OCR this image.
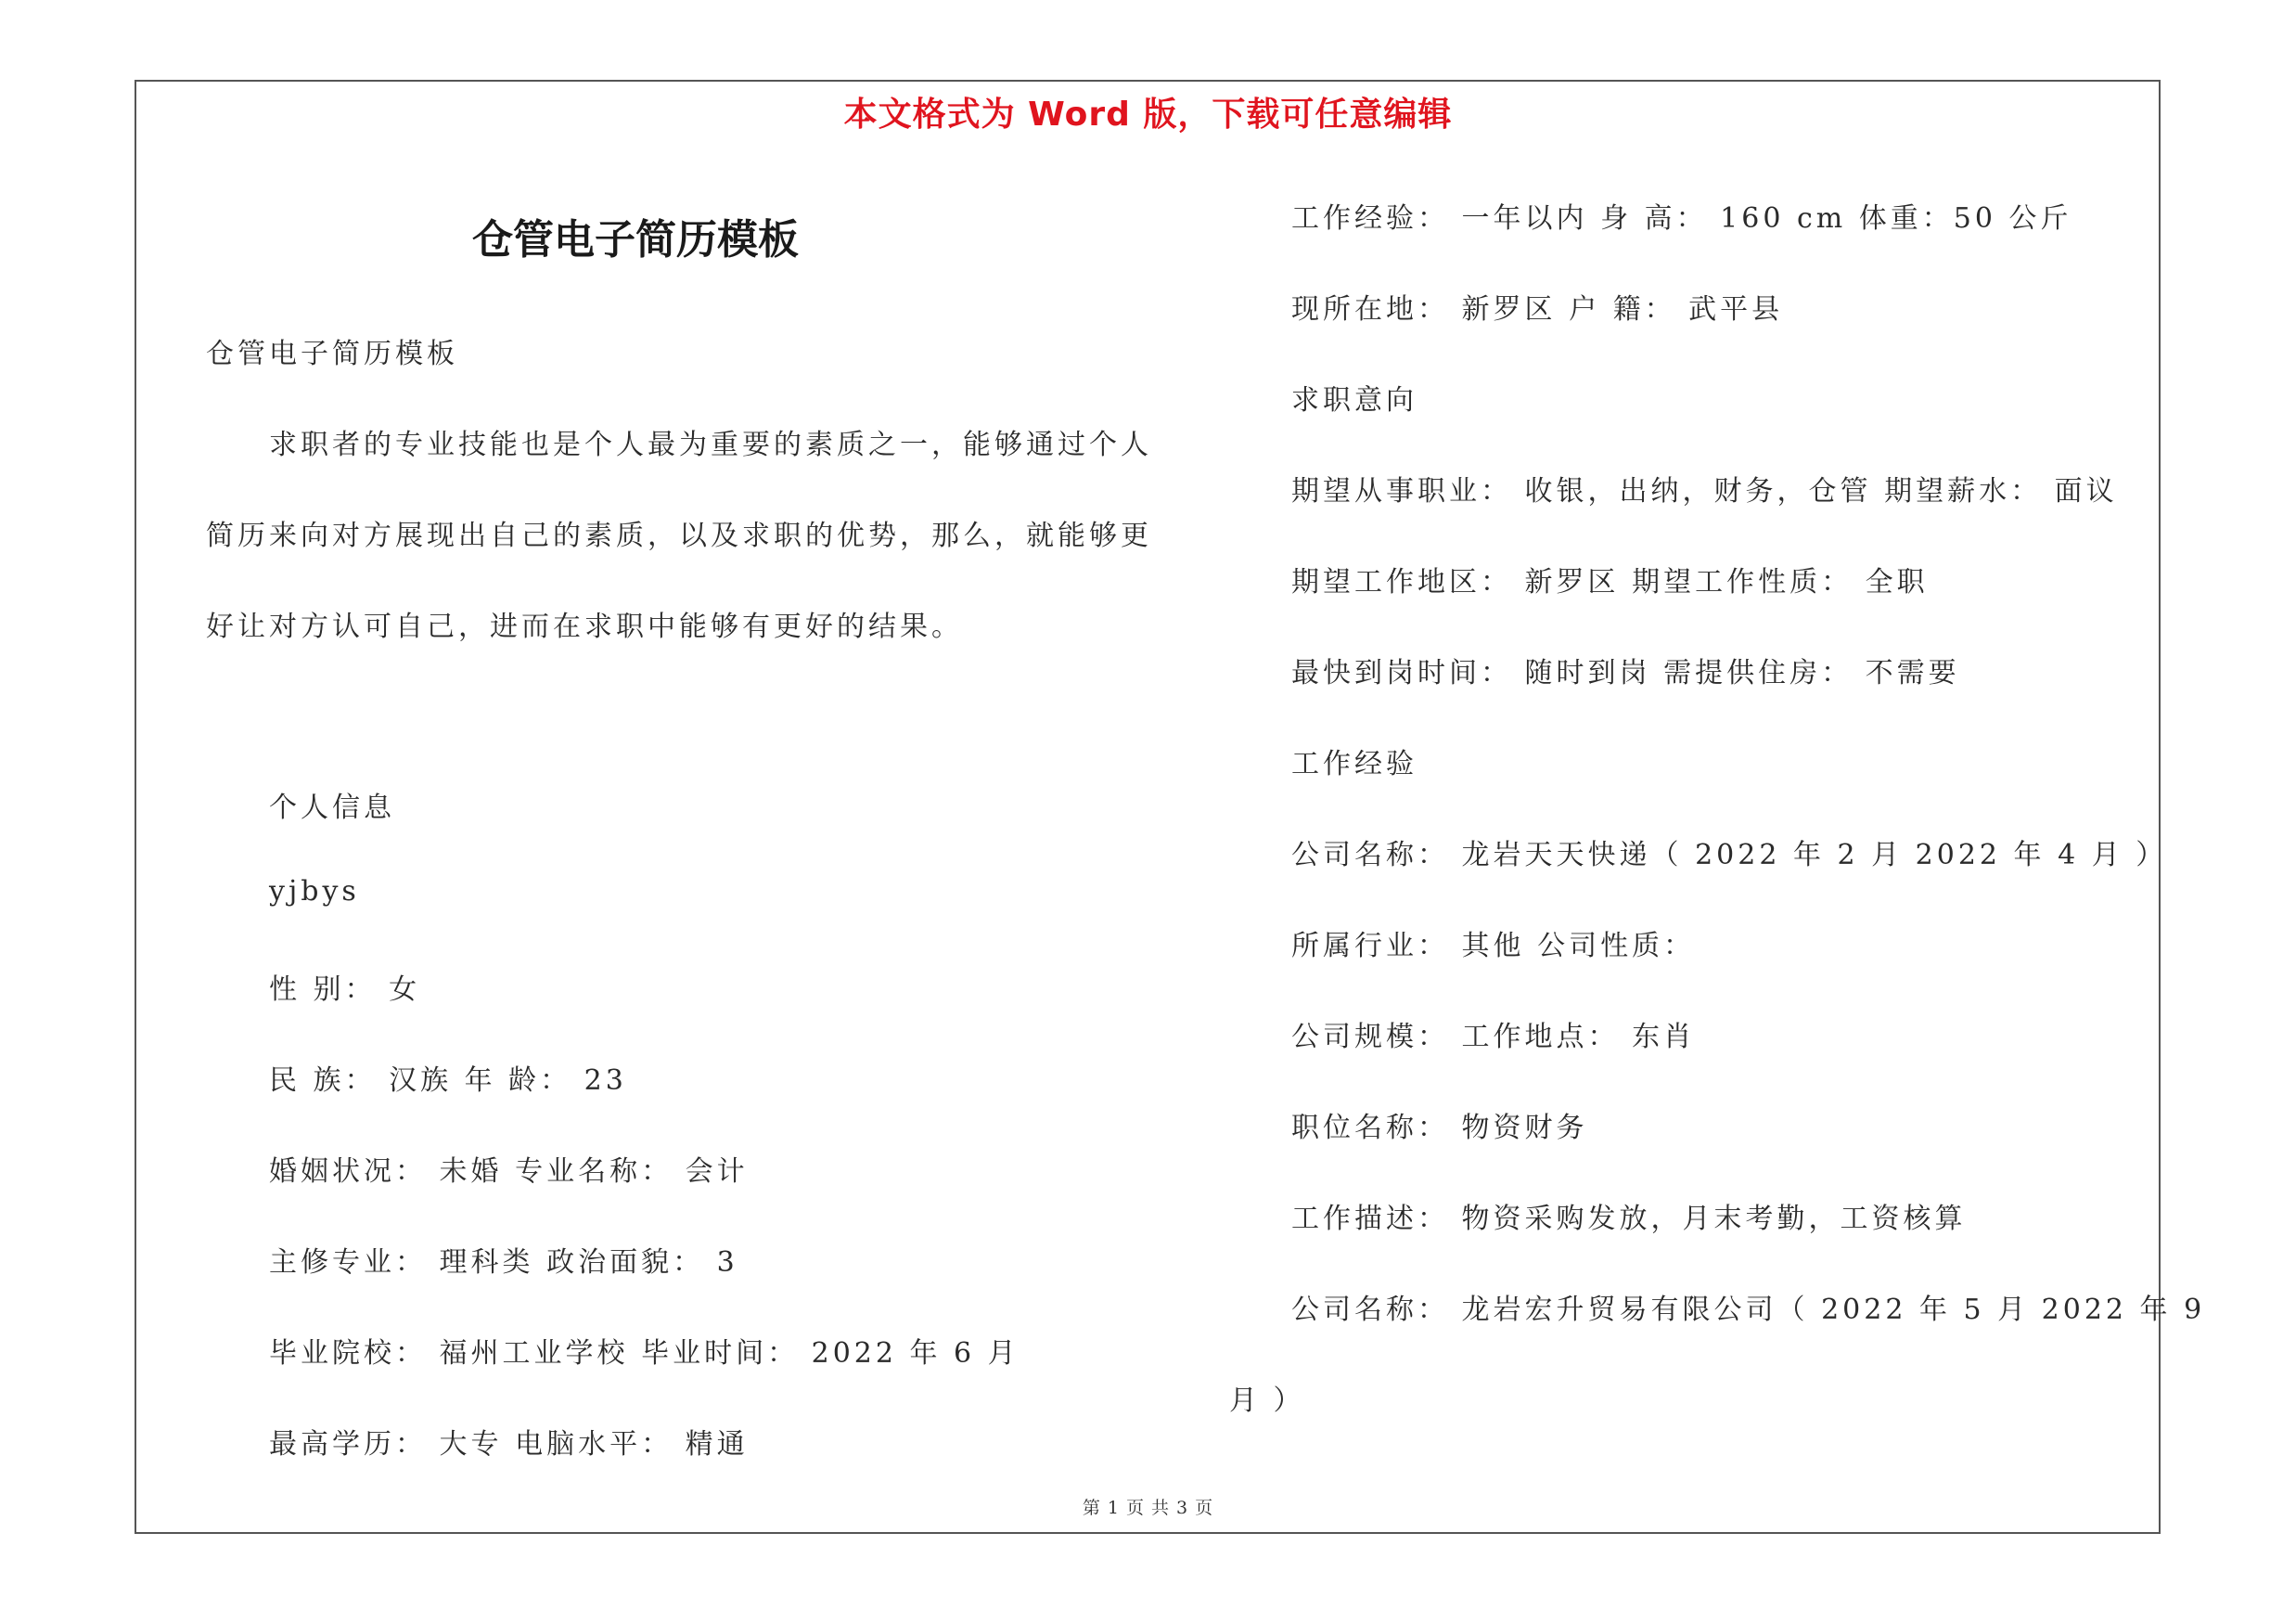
本文格式为 Word 版，下载可任意编辑
仓管电子简历模板
仓管电子简历模板
求职者的专业技能也是个人最为重要的素质之一，能够通过个人
简历来向对方展现出自己的素质，以及求职的优势，那么，就能够更
好让对方认可自己，进而在求职中能够有更好的结果。
个人信息
yjbys
性 别： 女
民 族： 汉族 年 龄： 23
婚姻状况： 未婚 专业名称： 会计
主修专业： 理科类 政治面貌： 3
毕业院校： 福州工业学校 毕业时间： 2022 年 6 月
最高学历： 大专 电脑水平： 精通
工作经验： 一年以内 身 高： 160 cm 体重：50 公斤
现所在地： 新罗区 户 籍： 武平县
求职意向
期望从事职业： 收银，出纳，财务，仓管 期望薪水： 面议
期望工作地区： 新罗区 期望工作性质： 全职
最快到岗时间： 随时到岗 需提供住房： 不需要
工作经验
公司名称： 龙岩天天快递（ 2022 年 2 月 2022 年 4 月 ）
所属行业： 其他 公司性质：
公司规模： 工作地点： 东肖
职位名称： 物资财务
工作描述： 物资采购发放，月末考勤，工资核算
公司名称： 龙岩宏升贸易有限公司（ 2022 年 5 月 2022 年 9
月 ）
第 1 页 共 3 页
